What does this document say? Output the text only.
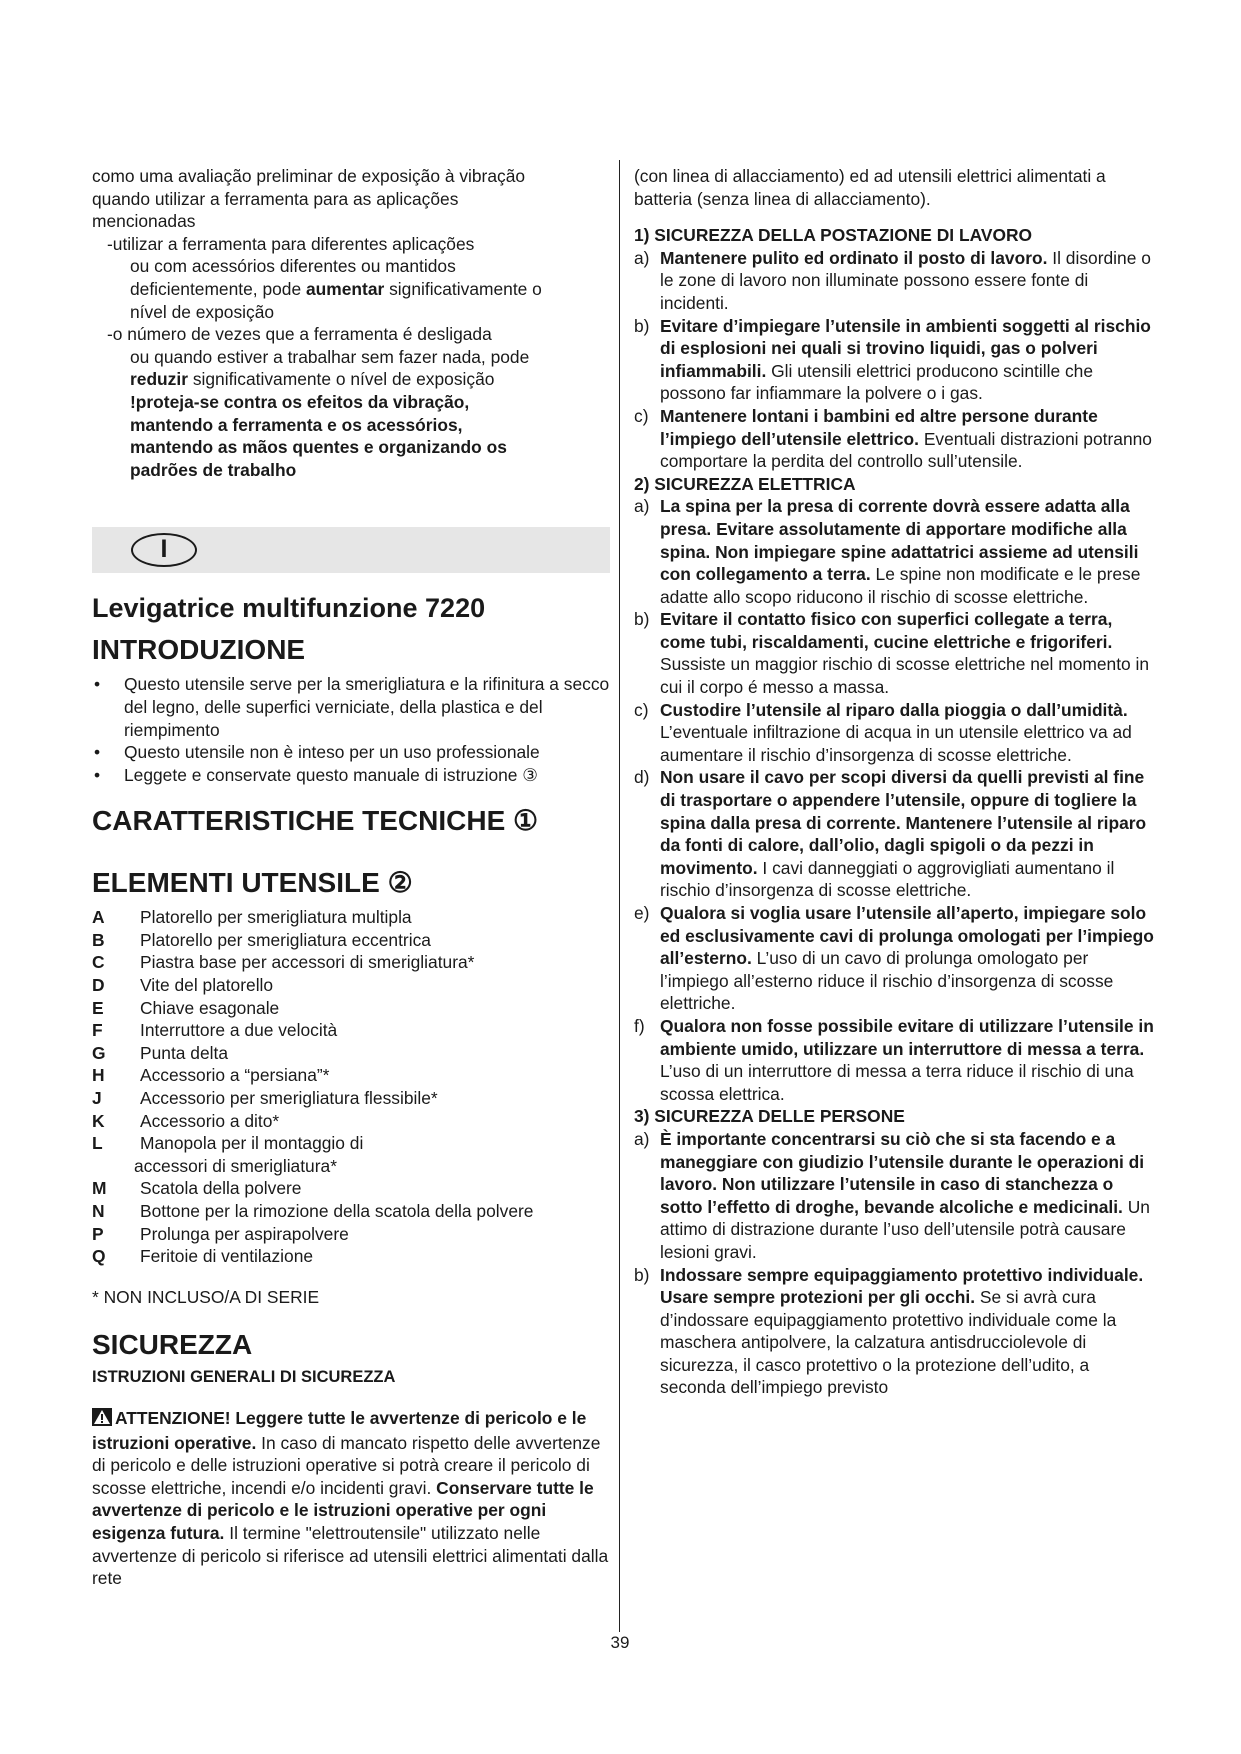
como uma avaliação preliminar de exposição à vibração

quando utilizar a ferramenta para as aplicações

mencionadas

-utilizar a ferramenta para diferentes aplicações

ou com acessórios diferentes ou mantidos

deficientemente, pode aumentar significativamente o

nível de exposição

-o número de vezes que a ferramenta é desligada

ou quando estiver a trabalhar sem fazer nada, pode

reduzir significativamente o nível de exposição

!proteja-se contra os efeitos da vibração,

mantendo a ferramenta e os acessórios,

mantendo as mãos quentes e organizando os

padrões de trabalho

I
Levigatrice multifunzione 7220
INTRODUZIONE
• Questo utensile serve per la smerigliatura e la rifinitura a secco del legno, delle superfici verniciate, della plastica e del riempimento
• Questo utensile non è inteso per un uso professionale
• Leggete e conservate questo manuale di istruzione ③
CARATTERISTICHE TECNICHE ①
ELEMENTI UTENSILE ②
A	Platorello per smerigliatura multipla
B	Platorello per smerigliatura eccentrica
C	Piastra base per accessori di smerigliatura*
D	Vite del platorello
E	Chiave esagonale
F	Interruttore a due velocità
G	Punta delta
H	Accessorio a “persiana”*
J	Accessorio per smerigliatura flessibile*
K	Accessorio a dito*
L	Manopola per il montaggio di
accessori di smerigliatura*
M	Scatola della polvere
N	Bottone per la rimozione della scatola della polvere
P	Prolunga per aspirapolvere
Q	Feritoie di ventilazione

* NON INCLUSO/A DI SERIE

SICUREZZA

ISTRUZIONI GENERALI DI SICUREZZA

ATTENZIONE! Leggere tutte le avvertenze di pericolo e le istruzioni operative. In caso di mancato rispetto delle avvertenze di pericolo e delle istruzioni operative si potrà creare il pericolo di scosse elettriche, incendi e/o incidenti gravi. Conservare tutte le avvertenze di pericolo e le istruzioni operative per ogni esigenza futura. Il termine "elettroutensile" utilizzato nelle avvertenze di pericolo si riferisce ad utensili elettrici alimentati dalla rete

(con linea di allacciamento) ed ad utensili elettrici alimentati a batteria (senza linea di allacciamento).

1) SICUREZZA DELLA POSTAZIONE DI LAVORO

a) Mantenere pulito ed ordinato il posto di lavoro. Il disordine o le zone di lavoro non illuminate possono essere fonte di incidenti.
b) Evitare d’impiegare l’utensile in ambienti soggetti al rischio di esplosioni nei quali si trovino liquidi, gas o polveri infiammabili. Gli utensili elettrici producono scintille che possono far infiammare la polvere o i gas.
c) Mantenere lontani i bambini ed altre persone durante l’impiego dell’utensile elettrico. Eventuali distrazioni potranno comportare la perdita del controllo sull’utensile.

2) SICUREZZA ELETTRICA

a) La spina per la presa di corrente dovrà essere adatta alla presa. Evitare assolutamente di apportare modifiche alla spina. Non impiegare spine adattatrici assieme ad utensili con collegamento a terra. Le spine non modificate e le prese adatte allo scopo riducono il rischio di scosse elettriche.
b) Evitare il contatto fisico con superfici collegate a terra, come tubi, riscaldamenti, cucine elettriche e frigoriferi. Sussiste un maggior rischio di scosse elettriche nel momento in cui il corpo é messo a massa.
c) Custodire l’utensile al riparo dalla pioggia o dall’umidità. L’eventuale infiltrazione di acqua in un utensile elettrico va ad aumentare il rischio d’insorgenza di scosse elettriche.
d) Non usare il cavo per scopi diversi da quelli previsti al fine di trasportare o appendere l’utensile, oppure di togliere la spina dalla presa di corrente. Mantenere l’utensile al riparo da fonti di calore, dall’olio, dagli spigoli o da pezzi in movimento. I cavi danneggiati o aggrovigliati aumentano il rischio d’insorgenza di scosse elettriche.
e) Qualora si voglia usare l’utensile all’aperto, impiegare solo ed esclusivamente cavi di prolunga omologati per l’impiego all’esterno. L’uso di un cavo di prolunga omologato per l’impiego all’esterno riduce il rischio d’insorgenza di scosse elettriche.
f) Qualora non fosse possibile evitare di utilizzare l’utensile in ambiente umido, utilizzare un interruttore di messa a terra. L’uso di un interruttore di messa a terra riduce il rischio di una scossa elettrica.

3) SICUREZZA DELLE PERSONE

a) È importante concentrarsi su ciò che si sta facendo e a maneggiare con giudizio l’utensile durante le operazioni di lavoro. Non utilizzare l’utensile in caso di stanchezza o sotto l’effetto di droghe, bevande alcoliche e medicinali. Un attimo di distrazione durante l’uso dell’utensile potrà causare lesioni gravi.
b) Indossare sempre equipaggiamento protettivo individuale. Usare sempre protezioni per gli occhi. Se si avrà cura d’indossare equipaggiamento protettivo individuale come la maschera antipolvere, la calzatura antisdrucciolevole di sicurezza, il casco protettivo o la protezione dell’udito, a seconda dell’impiego previsto
39
